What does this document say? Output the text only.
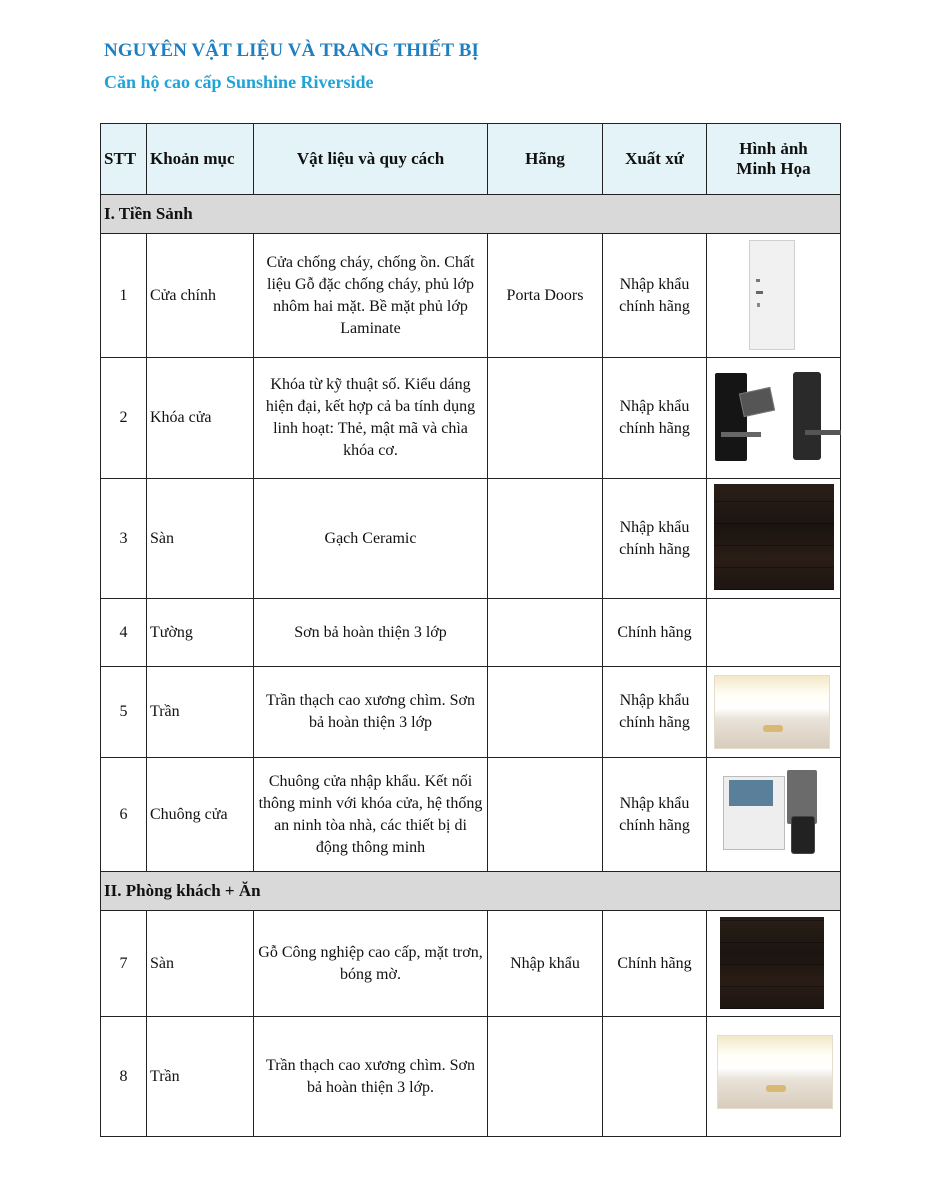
NGUYÊN VẬT LIỆU VÀ TRANG THIẾT BỊ
Căn hộ cao cấp Sunshine Riverside
STT	Khoản mục	Vật liệu và quy cách	Hãng	Xuất xứ	Hình ảnh Minh Họa
I. Tiền Sảnh					
1	Cửa chính	Cửa chống cháy, chống ồn. Chất liệu Gỗ đặc chống cháy, phủ lớp nhôm hai mặt. Bề mặt phủ lớp Laminate	Porta Doors	Nhập khẩu chính hãng	

2	Khóa cửa	Khóa từ kỹ thuật số. Kiểu dáng hiện đại, kết hợp cả ba tính dụng linh hoạt: Thẻ, mật mã và chìa khóa cơ.		Nhập khẩu chính hãng	

3	Sàn	Gạch Ceramic		Nhập khẩu chính hãng	

4	Tường	Sơn bả hoàn thiện 3 lớp		Chính hãng	
5	Trần	Trần thạch cao xương chìm. Sơn bả hoàn thiện 3 lớp		Nhập khẩu chính hãng	

6	Chuông cửa	Chuông cửa nhập khẩu. Kết nối thông minh với khóa cửa, hệ thống an ninh tòa nhà, các thiết bị di động thông minh		Nhập khẩu chính hãng	

II. Phòng khách + Ăn					
7	Sàn	Gỗ Công nghiệp cao cấp, mặt trơn, bóng mờ.	Nhập khẩu	Chính hãng	

8	Trần	Trần thạch cao xương chìm. Sơn bả hoàn thiện 3 lớp.			
